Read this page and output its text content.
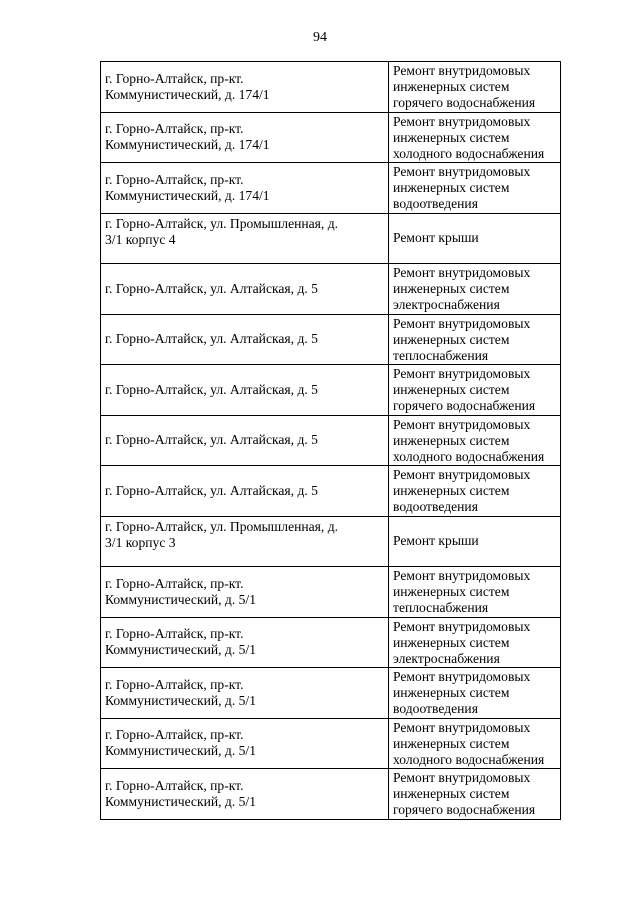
94
г. Горно-Алтайск, пр-кт.
Коммунистический, д. 174/1	Ремонт внутридомовых
инженерных систем
горячего водоснабжения

г. Горно-Алтайск, пр-кт.
Коммунистический, д. 174/1	Ремонт внутридомовых
инженерных систем
холодного водоснабжения

г. Горно-Алтайск, пр-кт.
Коммунистический, д. 174/1	Ремонт внутридомовых
инженерных систем
водоотведения

г. Горно-Алтайск, ул. Промышленная, д.
3/1 корпус 4	Ремонт крыши

г. Горно-Алтайск, ул. Алтайская, д. 5	Ремонт внутридомовых
инженерных систем
электроснабжения

г. Горно-Алтайск, ул. Алтайская, д. 5	Ремонт внутридомовых
инженерных систем
теплоснабжения

г. Горно-Алтайск, ул. Алтайская, д. 5	Ремонт внутридомовых
инженерных систем
горячего водоснабжения

г. Горно-Алтайск, ул. Алтайская, д. 5	Ремонт внутридомовых
инженерных систем
холодного водоснабжения

г. Горно-Алтайск, ул. Алтайская, д. 5	Ремонт внутридомовых
инженерных систем
водоотведения

г. Горно-Алтайск, ул. Промышленная, д.
3/1 корпус 3	Ремонт крыши

г. Горно-Алтайск, пр-кт.
Коммунистический, д. 5/1	Ремонт внутридомовых
инженерных систем
теплоснабжения

г. Горно-Алтайск, пр-кт.
Коммунистический, д. 5/1	Ремонт внутридомовых
инженерных систем
электроснабжения

г. Горно-Алтайск, пр-кт.
Коммунистический, д. 5/1	Ремонт внутридомовых
инженерных систем
водоотведения

г. Горно-Алтайск, пр-кт.
Коммунистический, д. 5/1	Ремонт внутридомовых
инженерных систем
холодного водоснабжения

г. Горно-Алтайск, пр-кт.
Коммунистический, д. 5/1	Ремонт внутридомовых
инженерных систем
горячего водоснабжения
